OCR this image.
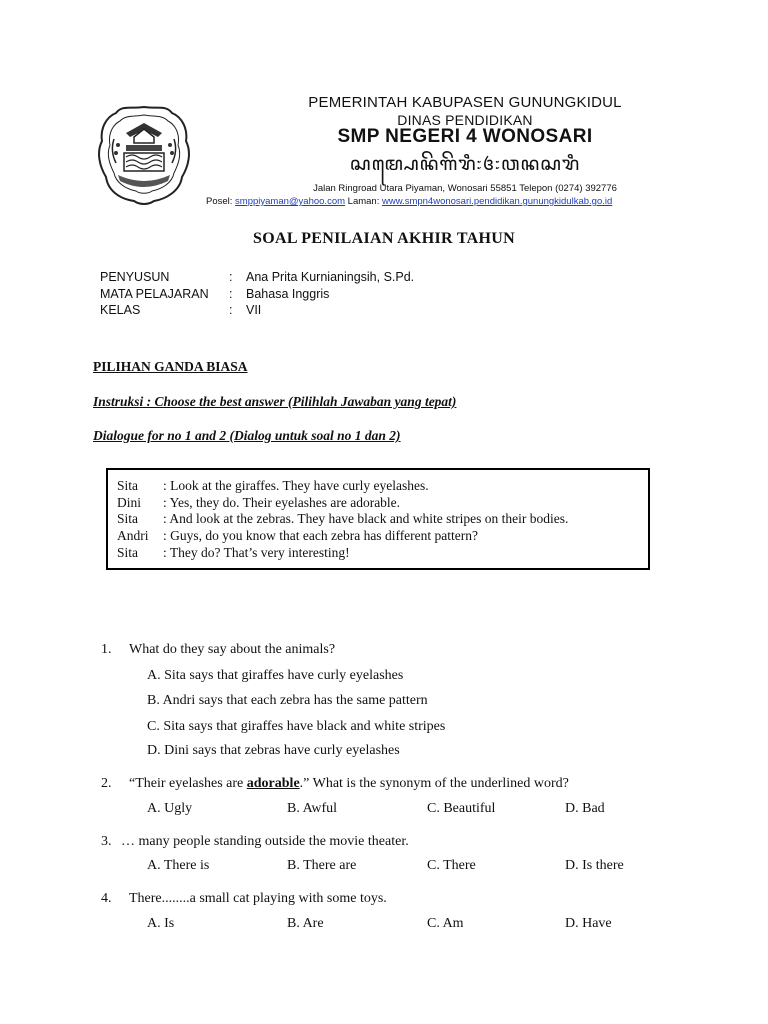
PEMERINTAH KABUPASEN GUNUNGKIDUL
DINAS PENDIDIKAN
SMP NEGERI 4 WONOSARI
ꦱꦩ꧀ꦥꦺꦤꦼꦒꦼꦫꦶ꧇꧔꧇ꦮꦤꦱꦫꦶ
Jalan Ringroad Utara Piyaman, Wonosari 55851 Telepon (0274) 392776
Posel: smppiyaman@yahoo.com Laman: www.smpn4wonosari.pendidikan.gunungkidulkab.go.id
SOAL PENILAIAN AKHIR TAHUN
PENYUSUN	: Ana Prita Kurnianingsih, S.Pd.
MATA PELAJARAN : Bahasa Inggris
KELAS	: VII
PILIHAN GANDA BIASA
Instruksi : Choose the best answer (Pilihlah Jawaban yang tepat)
Dialogue for no 1 and 2 (Dialog untuk soal no 1 dan 2)
Sita : Look at the giraffes. They have curly eyelashes.
Dini : Yes, they do. Their eyelashes are adorable.
Sita : And look at the zebras. They have black and white stripes on their bodies.
Andri : Guys, do you know that each zebra has different pattern?
Sita : They do? That’s very interesting!
1. What do they say about the animals?
A. Sita says that giraffes have curly eyelashes
B. Andri says that each zebra has the same pattern
C. Sita says that giraffes have black and white stripes
D. Dini says that zebras have curly eyelashes
2. “Their eyelashes are adorable.” What is the synonym of the underlined word?
A. Ugly	B. Awful	C. Beautiful	D. Bad
3. … many people standing outside the movie theater.
A. There is	B. There are	C. There	D. Is there
4. There........a small cat playing with some toys.
A. Is	B. Are	C. Am	D. Have
